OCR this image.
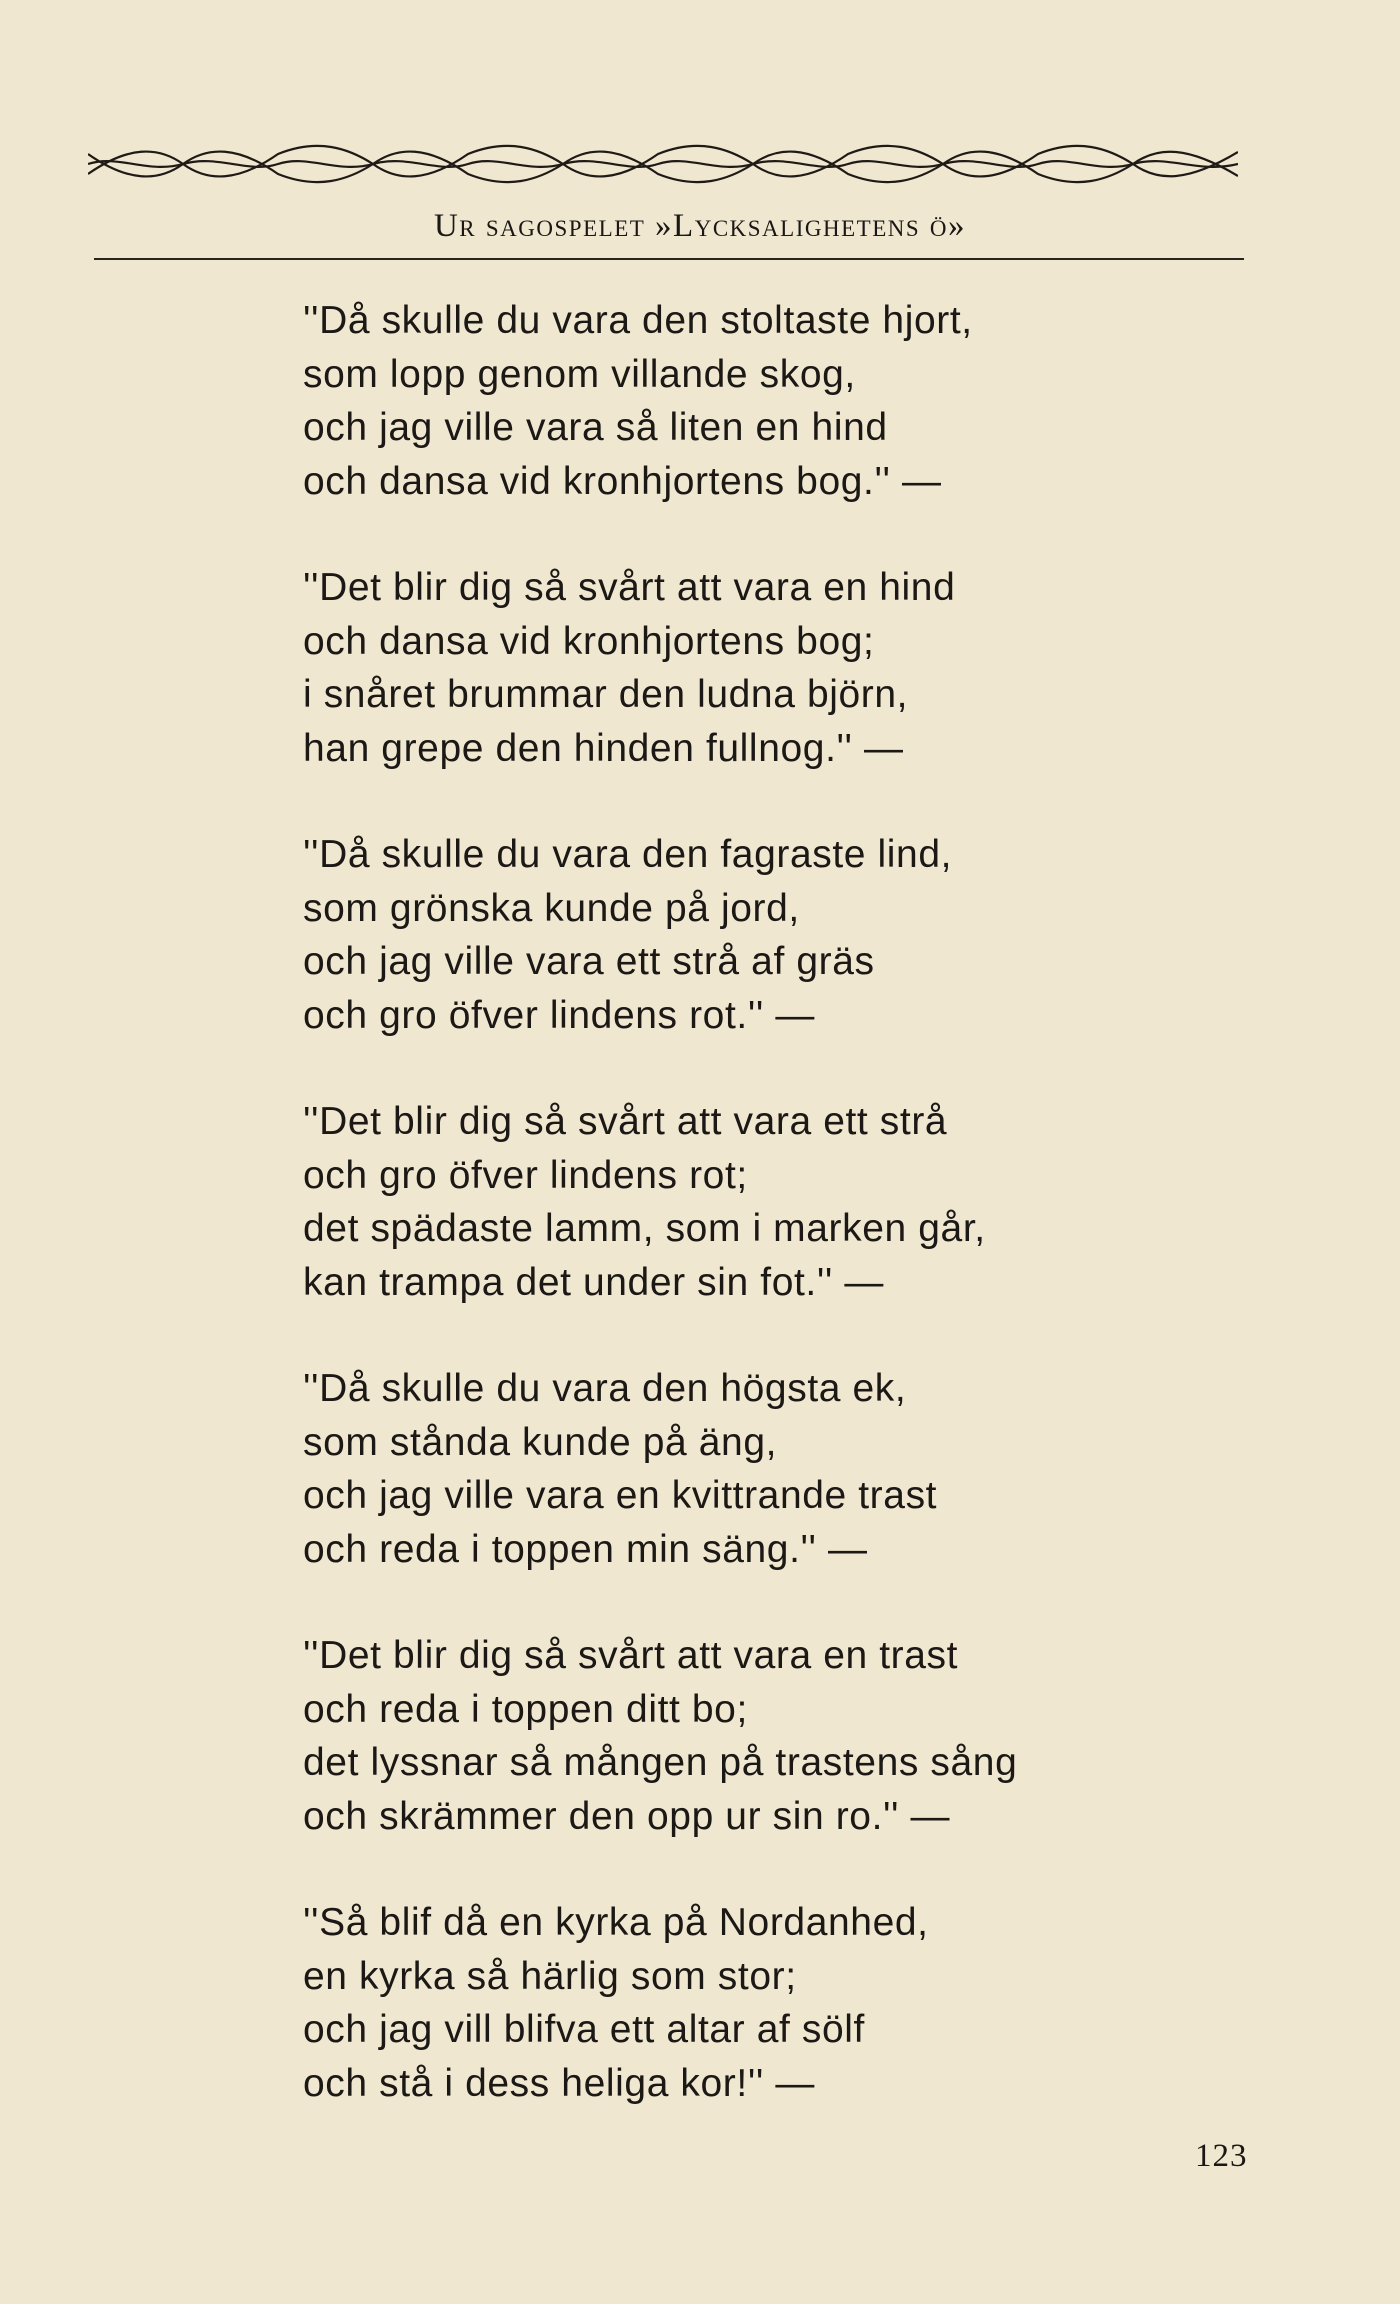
Ur sagospelet »Lycksalighetens ö»
''Då skulle du vara den stoltaste hjort,
som lopp genom villande skog,
och jag ville vara så liten en hind
och dansa vid kronhjortens bog.'' —
''Det blir dig så svårt att vara en hind
och dansa vid kronhjortens bog;
i snåret brummar den ludna björn,
han grepe den hinden fullnog.'' —
''Då skulle du vara den fagraste lind,
som grönska kunde på jord,
och jag ville vara ett strå af gräs
och gro öfver lindens rot.'' —
''Det blir dig så svårt att vara ett strå
och gro öfver lindens rot;
det spädaste lamm, som i marken går,
kan trampa det under sin fot.'' —
''Då skulle du vara den högsta ek,
som stånda kunde på äng,
och jag ville vara en kvittrande trast
och reda i toppen min säng.'' —
''Det blir dig så svårt att vara en trast
och reda i toppen ditt bo;
det lyssnar så mången på trastens sång
och skrämmer den opp ur sin ro.'' —
''Så blif då en kyrka på Nordanhed,
en kyrka så härlig som stor;
och jag vill blifva ett altar af sölf
och stå i dess heliga kor!'' —
123
